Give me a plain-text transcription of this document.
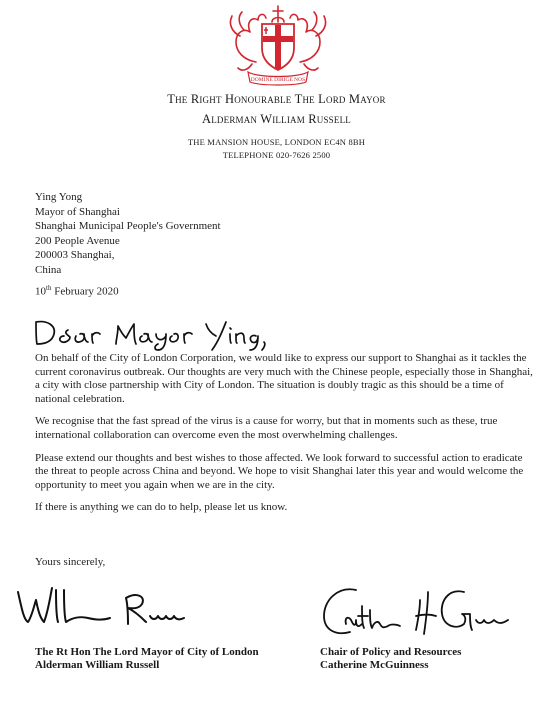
DOMINE DIRIGE NOS
The Right Honourable The Lord Mayor
Alderman William Russell
THE MANSION HOUSE, LONDON EC4N 8BH
TELEPHONE 020-7626 2500
Ying Yong
Mayor of Shanghai
Shanghai Municipal People's Government
200 People Avenue
200003 Shanghai,
China
10th February 2020

On behalf of the City of London Corporation, we would like to express our support to Shanghai as it tackles the current coronavirus outbreak. Our thoughts are very much with the Chinese people, especially those in Shanghai, a city with close partnership with City of London. The situation is doubly tragic as this should be a time of national celebration.

We recognise that the fast spread of the virus is a cause for worry, but that in moments such as these, true international collaboration can overcome even the most overwhelming challenges.

Please extend our thoughts and best wishes to those affected. We look forward to successful action to eradicate the threat to people across China and beyond. We hope to visit Shanghai later this year and would welcome the opportunity to meet you again when we are in the city.

If there is anything we can do to help, please let us know.

Yours sincerely,
The Rt Hon The Lord Mayor of City of London
Alderman William Russell
Chair of Policy and Resources
Catherine McGuinness
